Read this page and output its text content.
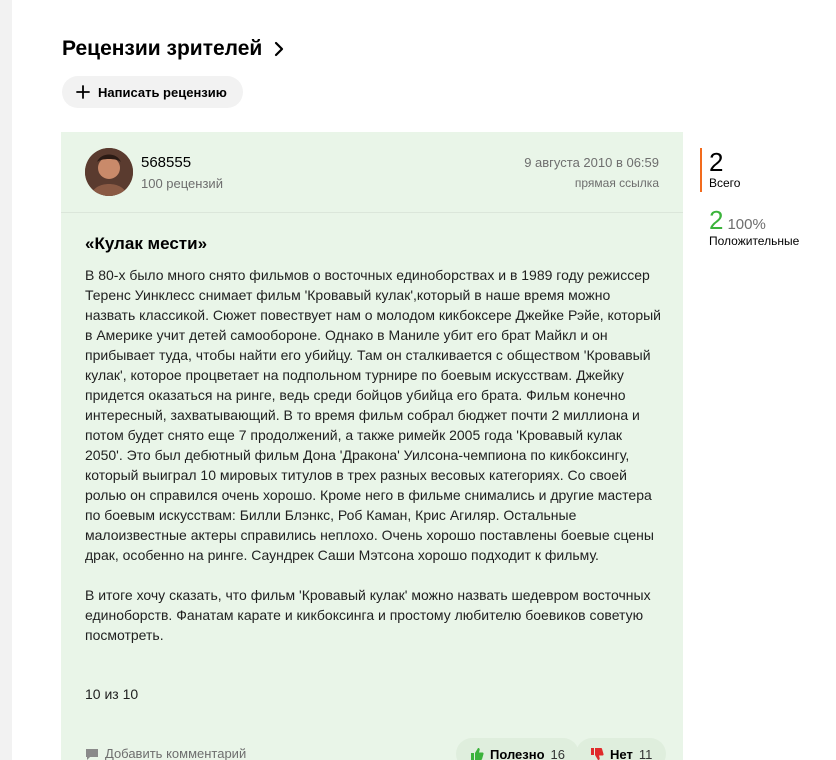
Рецензии зрителей
Написать рецензию
568555
100 рецензий
9 августа 2010 в 06:59
прямая ссылка
«Кулак мести»

В 80-х было много снято фильмов о восточных единоборствах и в 1989 году режиссер Теренс Уинклесс снимает фильм 'Кровавый кулак',который в наше время можно назвать классикой. Сюжет повествует нам о молодом кикбоксере Джейке Рэйе, который в Америке учит детей самообороне. Однако в Маниле убит его брат Майкл и он прибывает туда, чтобы найти его убийцу. Там он сталкивается с обществом 'Кровавый кулак', которое процветает на подпольном турнире по боевым искусствам. Джейку придется оказаться на ринге, ведь среди бойцов убийца его брата. Фильм конечно интересный, захватывающий. В то время фильм собрал бюджет почти 2 миллиона и потом будет снято еще 7 продолжений, а также римейк 2005 года 'Кровавый кулак 2050'. Это был дебютный фильм Дона 'Дракона' Уилсона-чемпиона по кикбоксингу, который выиграл 10 мировых титулов в трех разных весовых категориях. Со своей ролью он справился очень хорошо. Кроме него в фильме снимались и другие мастера по боевым искусствам: Билли Блэнкс, Роб Каман, Крис Агиляр. Остальные малоизвестные актеры справились неплохо. Очень хорошо поставлены боевые сцены драк, особенно на ринге. Саундрек Саши Мэтсона хорошо подходит к фильму.

В итоге хочу сказать, что фильм 'Кровавый кулак' можно назвать шедевром восточных единоборств. Фанатам карате и кикбоксинга и простому любителю боевиков советую посмотреть.

10 из 10
Добавить комментарий	Полезно 16	Нет 11
2
Всего
2 100%
Положительные
